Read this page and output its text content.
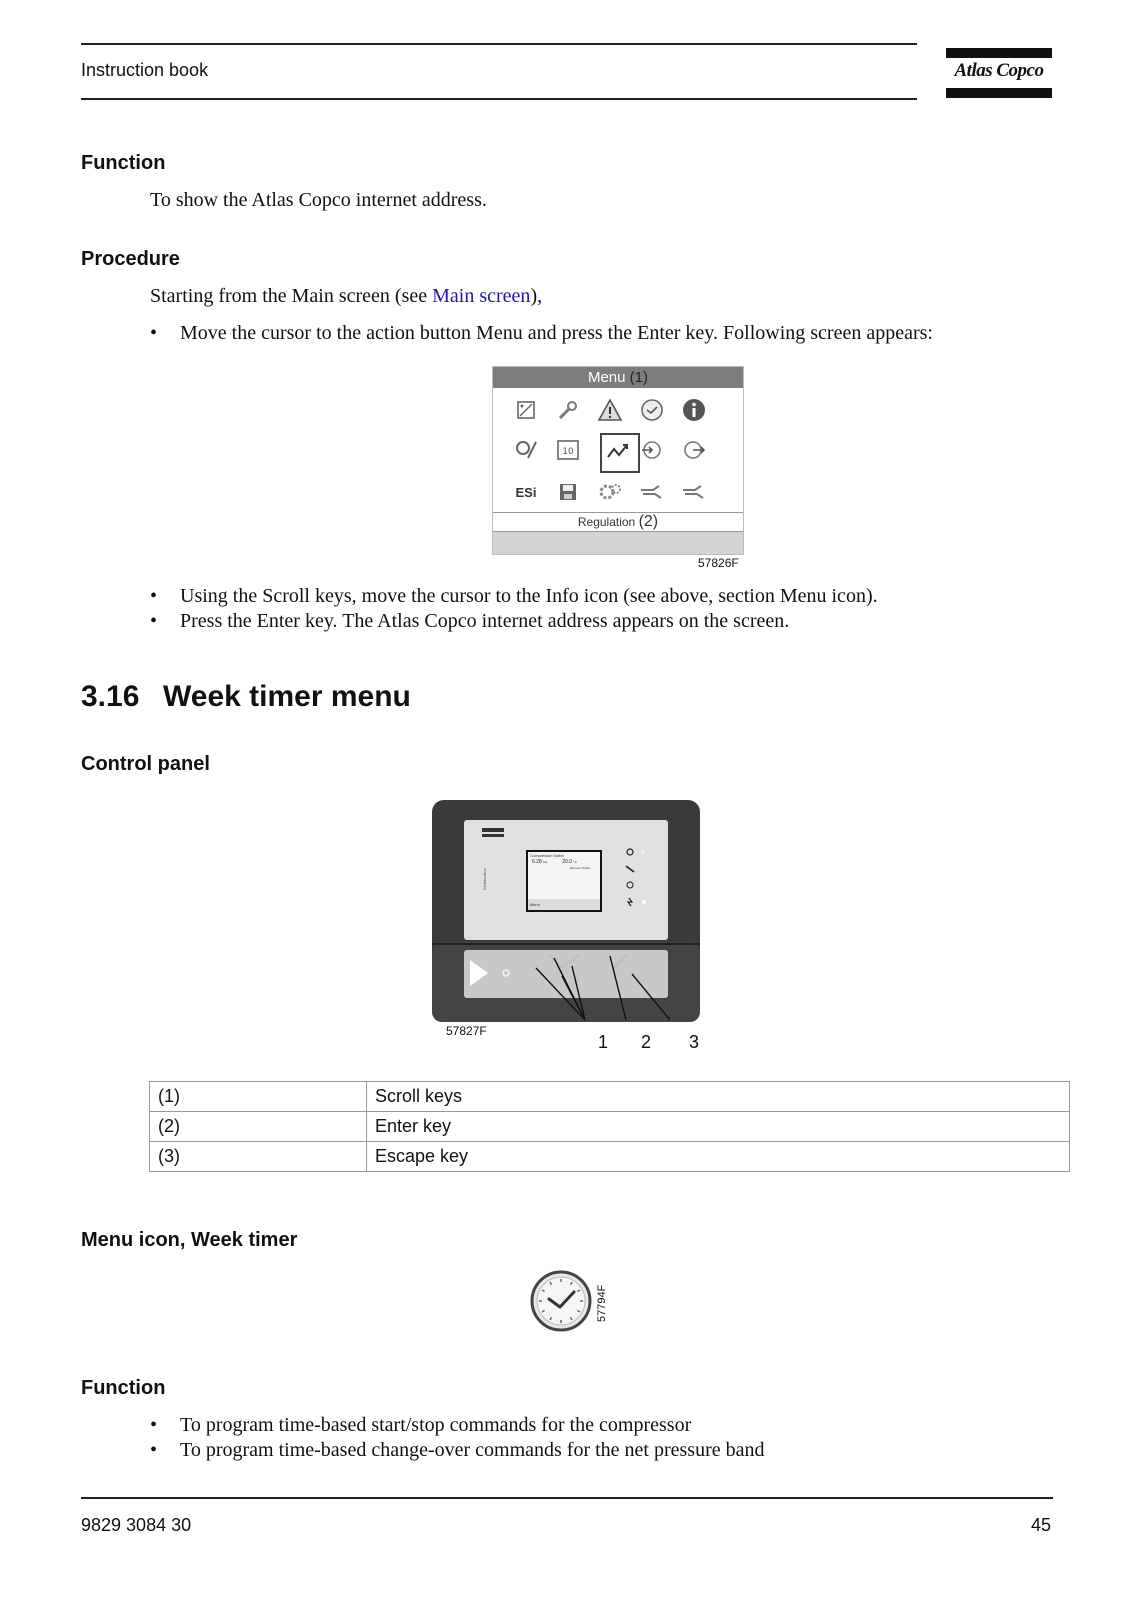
Instruction book	Atlas Copco
Function
To show the Atlas Copco internet address.
Procedure
Starting from the Main screen (see Main screen),
• Move the cursor to the action button Menu and press the Enter key. Following screen appears:
Menu (1)
10
ESi
Regulation (2)
57826F
• Using the Scroll keys, move the cursor to the Info icon (see above, section Menu icon).
• Press the Enter key. The Atlas Copco internet address appears on the screen.
3.16 Week timer menu
Control panel
Elektronikon
Compressor Outlet
6.28 bar	20.0 °C
Element Outlet
Menu
57827F
1 2 3
(1)	Scroll keys
(2)	Enter key
(3)	Escape key
Menu icon, Week timer
57794F
Function
• To program time-based start/stop commands for the compressor
• To program time-based change-over commands for the net pressure band
9829 3084 30	45
